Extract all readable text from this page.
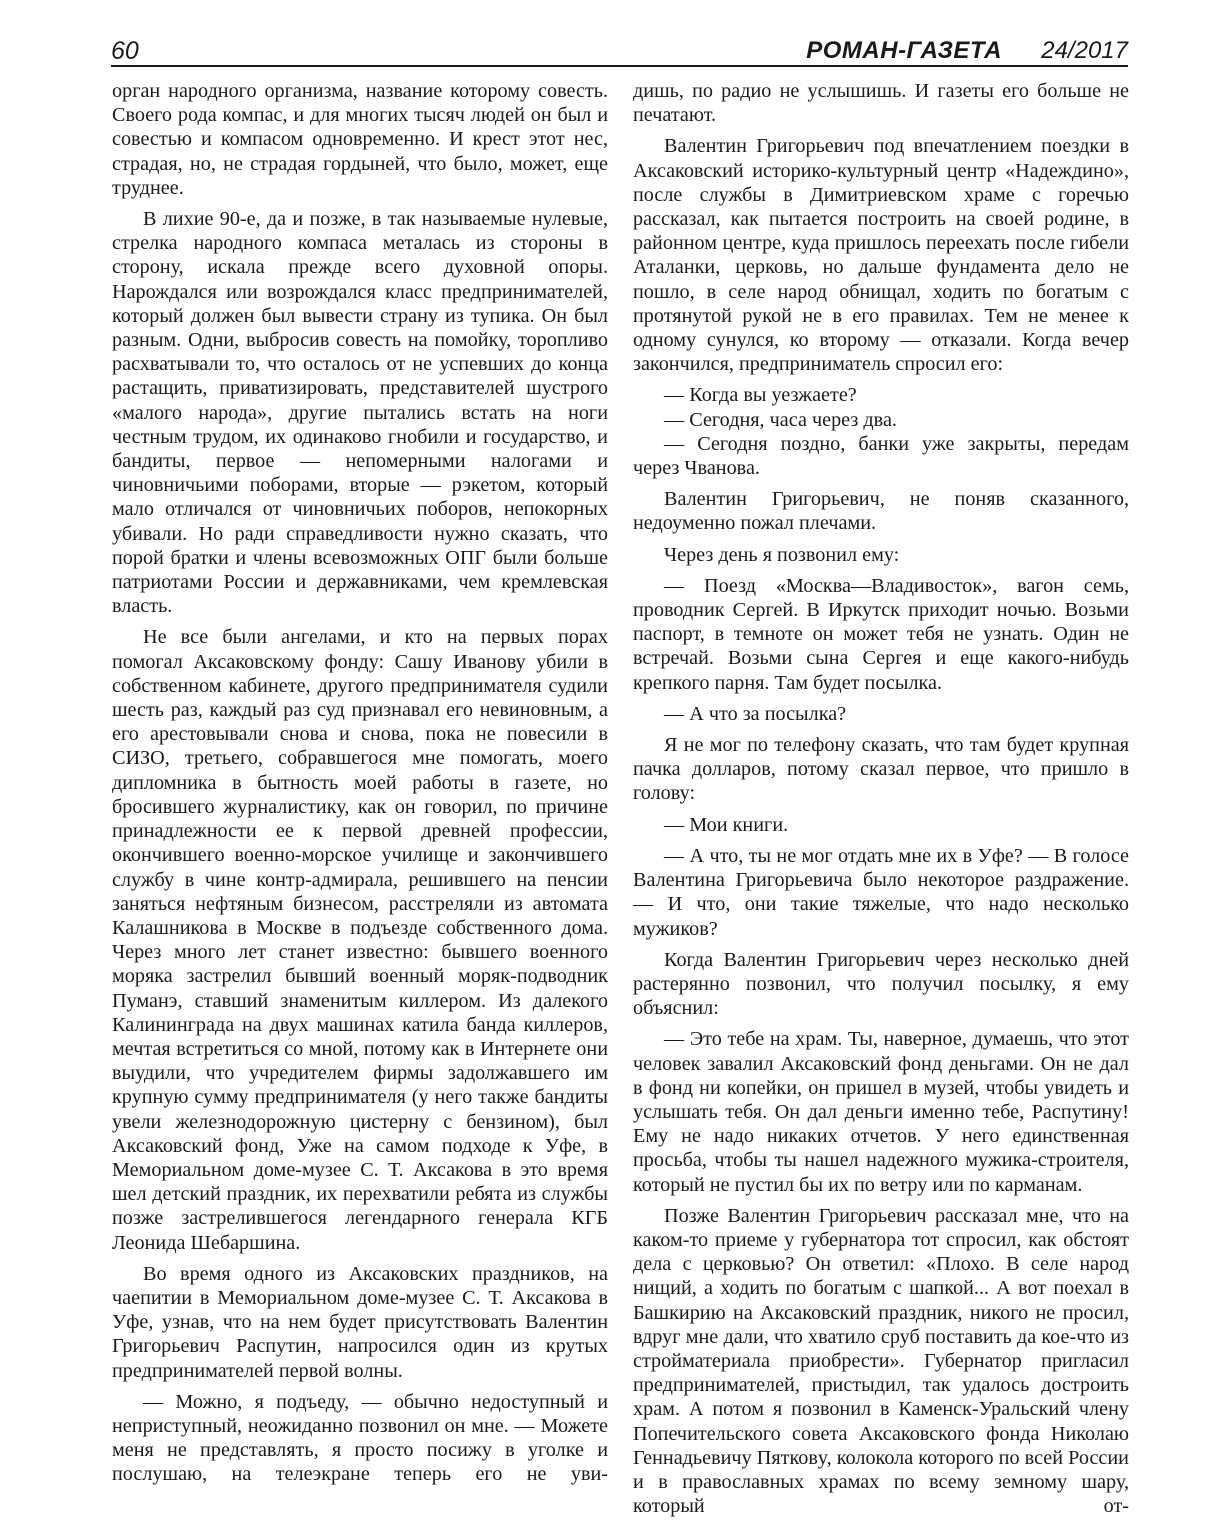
60	РОМАН-ГАЗЕТА 24/2017

орган народного организма, название которому совесть. Своего рода компас, и для многих тысяч людей он был и совестью и компасом одновременно. И крест этот нес, страдая, но, не страдая гордыней, что было, может, еще труднее.

В лихие 90-е, да и позже, в так называемые нулевые, стрелка народного компаса металась из стороны в сторону, искала прежде всего духовной опоры. Нарождался или возрождался класс предпринимателей, который должен был вывести страну из тупика. Он был разным. Одни, выбросив совесть на помойку, торопливо расхватывали то, что осталось от не успевших до конца растащить, приватизировать, представителей шустрого «малого народа», другие пытались встать на ноги честным трудом, их одинаково гнобили и государство, и бандиты, первое — непомерными налогами и чиновничьими поборами, вторые — рэкетом, который мало отличался от чиновничьих поборов, непокорных убивали. Но ради справедливости нужно сказать, что порой братки и члены всевозможных ОПГ были больше патриотами России и державниками, чем кремлевская власть.

Не все были ангелами, и кто на первых порах помогал Аксаковскому фонду: Сашу Иванову убили в собственном кабинете, другого предпринимателя судили шесть раз, каждый раз суд признавал его невиновным, а его арестовывали снова и снова, пока не повесили в СИЗО, третьего, собравшегося мне помогать, моего дипломника в бытность моей работы в газете, но бросившего журналистику, как он говорил, по причине принадлежности ее к первой древней профессии, окончившего военно-морское училище и закончившего службу в чине контр-адмирала, решившего на пенсии заняться нефтяным бизнесом, расстреляли из автомата Калашникова в Москве в подъезде собственного дома. Через много лет станет известно: бывшего военного моряка застрелил бывший военный моряк-подводник Пуманэ, ставший знаменитым киллером. Из далекого Калининграда на двух машинах катила банда киллеров, мечтая встретиться со мной, потому как в Интернете они выудили, что учредителем фирмы задолжавшего им крупную сумму предпринимателя (у него также бандиты увели железнодорожную цистерну с бензином), был Аксаковский фонд, Уже на самом подходе к Уфе, в Мемориальном доме-музее С. Т. Аксакова в это время шел детский праздник, их перехватили ребята из службы позже застрелившегося легендарного генерала КГБ Леонида Шебаршина.

Во время одного из Аксаковских праздников, на чаепитии в Мемориальном доме-музее С. Т. Аксакова в Уфе, узнав, что на нем будет присутствовать Валентин Григорьевич Распутин, напросился один из крутых предпринимателей первой волны.

— Можно, я подъеду, — обычно недоступный и неприступный, неожиданно позвонил он мне. — Можете меня не представлять, я просто посижу в уголке и послушаю, на телеэкране теперь его не уви-

дишь, по радио не услышишь. И газеты его больше не печатают.

Валентин Григорьевич под впечатлением поездки в Аксаковский историко-культурный центр «Надеждино», после службы в Димитриевском храме с горечью рассказал, как пытается построить на своей родине, в районном центре, куда пришлось переехать после гибели Аталанки, церковь, но дальше фундамента дело не пошло, в селе народ обнищал, ходить по богатым с протянутой рукой не в его правилах. Тем не менее к одному сунулся, ко второму — отказали. Когда вечер закончился, предприниматель спросил его:

— Когда вы уезжаете?

— Сегодня, часа через два.

— Сегодня поздно, банки уже закрыты, передам через Чванова.

Валентин Григорьевич, не поняв сказанного, недоуменно пожал плечами.

Через день я позвонил ему:

— Поезд «Москва—Владивосток», вагон семь, проводник Сергей. В Иркутск приходит ночью. Возьми паспорт, в темноте он может тебя не узнать. Один не встречай. Возьми сына Сергея и еще какого-нибудь крепкого парня. Там будет посылка.

— А что за посылка?

Я не мог по телефону сказать, что там будет крупная пачка долларов, потому сказал первое, что пришло в голову:

— Мои книги.

— А что, ты не мог отдать мне их в Уфе? — В голосе Валентина Григорьевича было некоторое раздражение. — И что, они такие тяжелые, что надо несколько мужиков?

Когда Валентин Григорьевич через несколько дней растерянно позвонил, что получил посылку, я ему объяснил:

— Это тебе на храм. Ты, наверное, думаешь, что этот человек завалил Аксаковский фонд деньгами. Он не дал в фонд ни копейки, он пришел в музей, чтобы увидеть и услышать тебя. Он дал деньги именно тебе, Распутину! Ему не надо никаких отчетов. У него единственная просьба, чтобы ты нашел надежного мужика-строителя, который не пустил бы их по ветру или по карманам.

Позже Валентин Григорьевич рассказал мне, что на каком-то приеме у губернатора тот спросил, как обстоят дела с церковью? Он ответил: «Плохо. В селе народ нищий, а ходить по богатым с шапкой... А вот поехал в Башкирию на Аксаковский праздник, никого не просил, вдруг мне дали, что хватило сруб поставить да кое-что из стройматериала приобрести». Губернатор пригласил предпринимателей, пристыдил, так удалось достроить храм. А потом я позвонил в Каменск-Уральский члену Попечительского совета Аксаковского фонда Николаю Геннадьевичу Пятковy, колокола которого по всей России и в православных храмах по всему земному шару, который от-
